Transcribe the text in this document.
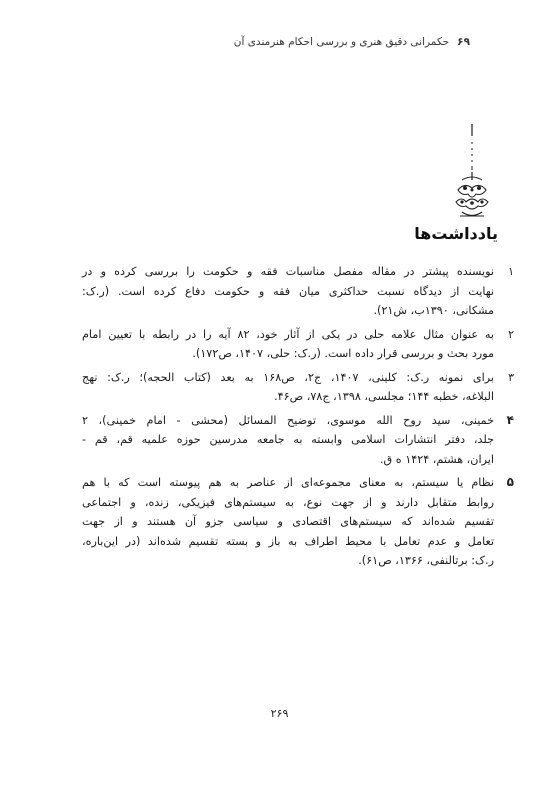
۶۹
حکمرانی دقیق هنری و بررسی احکام هنرمندی آن
یادداشت‌ها
۱
نویسنده پیشتر در مقاله مفصل مناسبات فقه و حکومت را بررسی کرده و در
نهایت از دیدگاه نسبت حداکثری میان فقه و حکومت دفاع کرده است. (ر.ک:
مشکانی، ۱۳۹۰ب، ش۲۱).
۲
به عنوان مثال علامه حلی در یکی از آثار خود، ۸۲ آیه را در رابطه با تعیین امام
مورد بحث و بررسی قرار داده است. (ر.ک: حلی، ۱۴۰۷، ص۱۷۲).
۳
برای نمونه ر.ک: کلینی، ۱۴۰۷، ج۲، ص۱۶۸ به بعد (کتاب الحجه)؛ ر.ک: نهج
البلاغه، خطبه ۱۴۴؛ مجلسی، ۱۳۹۸، ج۷۸، ص۴۶.
۴
خمینی، سید روح الله موسوی، توضیح المسائل (محشی - امام خمینی)، ۲
جلد، دفتر انتشارات اسلامی وابسته به جامعه مدرسین حوزه علمیه قم، قم -
ایران، هشتم، ۱۴۲۴ ه ق.
۵
نظام یا سیستم، به معنای مجموعه‌ای از عناصر به هم پیوسته است که با هم
روابط متقابل دارند و از جهت نوع، به سیستم‌های فیزیکی، زنده، و اجتماعی
تقسیم شده‌اند که سیستم‌های اقتصادی و سیاسی جزو آن هستند و از جهت
تعامل و عدم تعامل با محیط اطراف به باز و بسته تقسیم شده‌اند (در این‌باره،
ر.ک: برتالنفی، ۱۳۶۶، ص۶۱).
۲۶۹
